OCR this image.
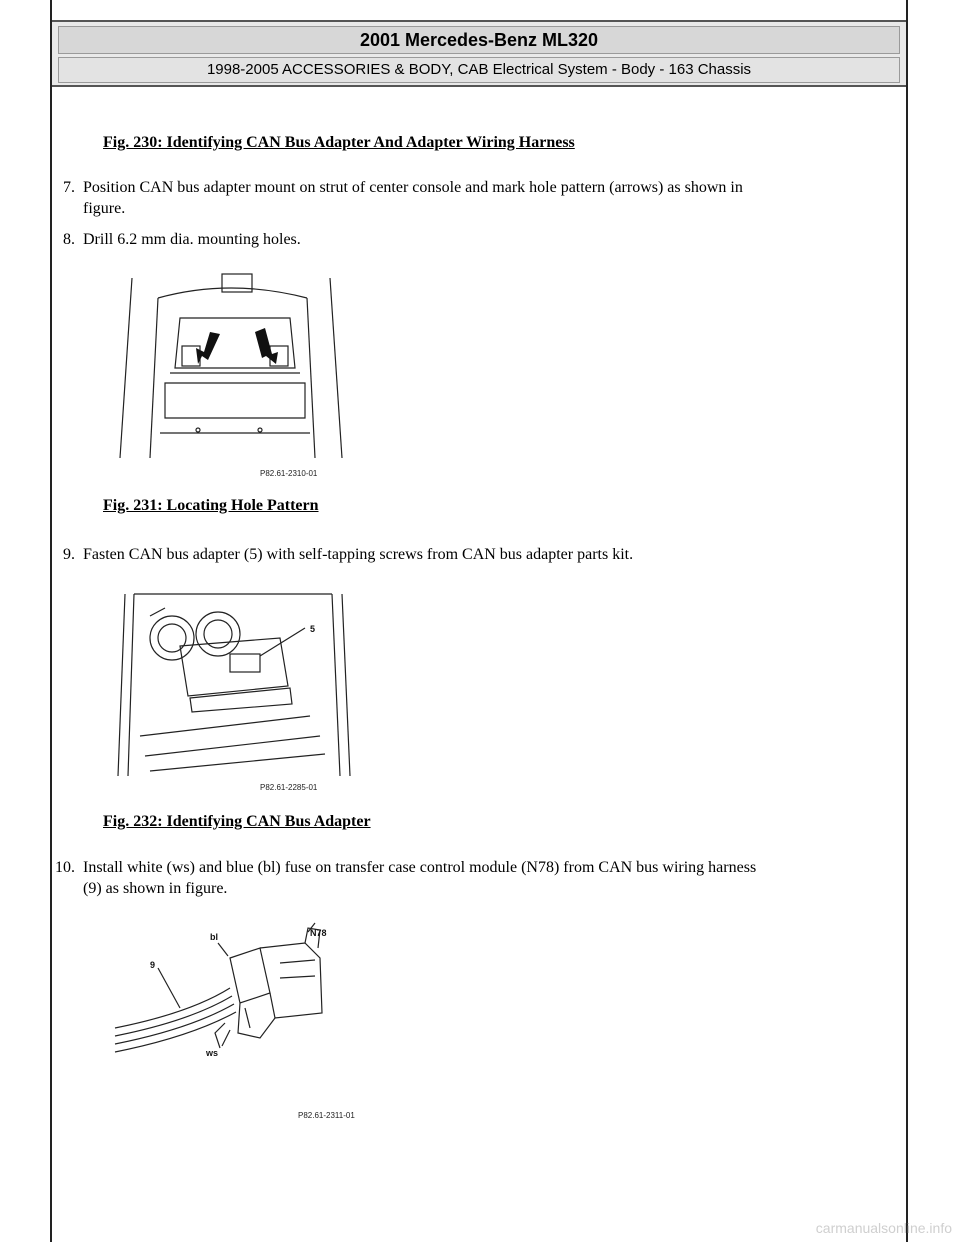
2001 Mercedes-Benz ML320
1998-2005 ACCESSORIES & BODY, CAB Electrical System - Body - 163 Chassis
Fig. 230: Identifying CAN Bus Adapter And Adapter Wiring Harness
7. Position CAN bus adapter mount on strut of center console and mark hole pattern (arrows) as shown in
figure.
8. Drill 6.2 mm dia. mounting holes.
P82.61-2310-01
Fig. 231: Locating Hole Pattern
9. Fasten CAN bus adapter (5) with self-tapping screws from CAN bus adapter parts kit.
5
P82.61-2285-01
Fig. 232: Identifying CAN Bus Adapter
10. Install white (ws) and blue (bl) fuse on transfer case control module (N78) from CAN bus wiring harness
(9) as shown in figure.
bl	N78
9
ws
P82.61-2311-01
carmanualsonline.info
